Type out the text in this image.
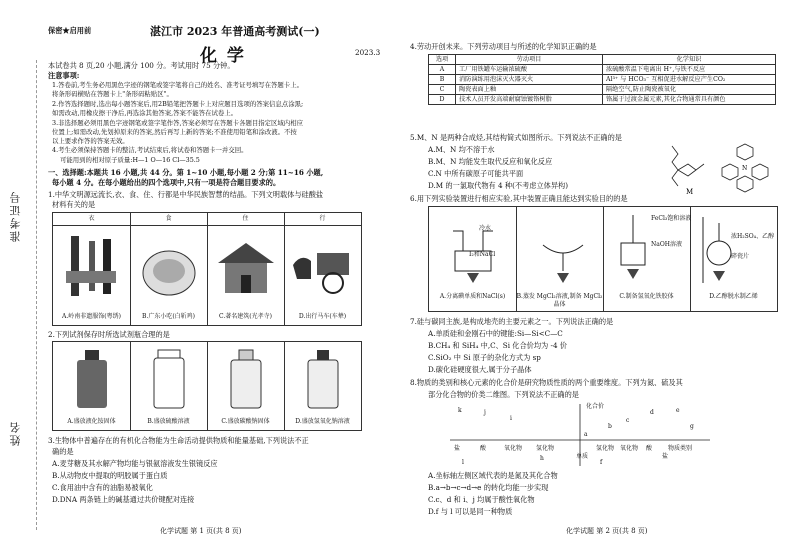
准考证号
姓名
保密★启用前	湛江市 2023 年普通高考测试(一)
化 学	2023.3
本试卷共 8 页,20 小题,满分 100 分。考试用时 75 分钟。
注意事项:
1.答卷前,考生务必用黑色字迹的钢笔或签字笔将自己的姓名、准考证号填写在答题卡上。
将条形码横贴在答题卡上"条形码粘贴区"。
2.作答选择题时,选出每小题答案后,用2B铅笔把答题卡上对应题目选项的答案信息点涂黑;
如需改动,用橡皮擦干净后,再选涂其他答案,答案不能答在试卷上。
3.非选择题必须用黑色字迹钢笔或签字笔作答,答案必须写在答题卡各题目指定区域内相应
位置上;如需改动,先划掉原来的答案,然后再写上新的答案;不准使用铅笔和涂改液。不按
以上要求作答的答案无效。
4.考生必须保持答题卡的整洁,考试结束后,将试卷和答题卡一并交回。
可能用到的相对原子质量:H—1 O—16 Cl—35.5
一、选择题:本题共 16 小题,共 44 分。第 1~10 小题,每小题 2 分;第 11~16 小题,
每小题 4 分。在每小题给出的四个选项中,只有一项是符合题目要求的。
1.中华文明源远流长,衣、食、住、行都是中华民族智慧的结晶。下列文明载体与硅酸盐
材料有关的是
衣	食	住	行
A.岭南非遗服饰(粤绣)	B.广东小吃(白斩鸡)	C.著名建筑(光孝寺)	D.出行马车(车辇)
2.下列试剂保存时所选试剂瓶合理的是
A.盛放液化铵固体	B.盛放硫酸溶液	C.盛放碳酸钠固体	D.盛放氢氧化钠溶液
3.生物体中普遍存在的有机化合物能为生命活动提供物质和能量基础,下列说法不正
确的是
A.麦芽糖及其水解产物均能与银氨溶液发生银镜反应
B.从动物皮中提取的明胶属于蛋白质
C.食用油中含有的油脂易被氧化
D.DNA 两条链上的碱基通过共价键配对连接
化学试题 第 1 页(共 8 页)
4.劳动开创未来。下列劳动项目与所述的化学知识正确的是
选项	劳动项目	化学知识
A	工厂用铁罐车运输浓硫酸	浓硫酸常温下电离出 H⁺,与铁不反应
B	消防演练用泡沫灭火器灭火	Al³⁺ 与 HCO₃⁻ 互相促进水解反应产生CO₂
C	陶瓷表面上釉	隔绝空气,防止陶瓷被氧化
D	技术人员开发高端耐腐蚀镀铬树脂	铬属于过渡金属元素,其化合物通常具有颜色
5.M、N 是两种合成烃,其结构简式如图所示。下列说法不正确的是
A.M、N 均不溶于水
B.M、N 均能发生取代反应和氧化反应
C.N 中所有碳原子可能共平面
D.M 的一氯取代物有 4 种(不考虑立体异构)
M
N
6.用下列实验装置进行相应实验,其中装置正确且能达到实验目的的是
冷水
I₂和NaCl
FeCl₃饱和溶液
NaOH溶液
浓H₂SO₄、乙醇
碎瓷片
A.分离碘单质和NaCl(s)	B.蒸发 MgCl₂溶液,制备 MgCl₂晶体
C.制备氢氧化铁胶体	D.乙醇脱水制乙烯
7.硅与碳同主族,是构成地壳的主要元素之一。下列说法正确的是
A.单质硅和金刚石中的键能:Si—Si<C—C
B.CH₄ 和 SiH₄ 中,C、Si 化合价均为 -4 价
C.SiO₂ 中 Si 原子的杂化方式为 sp
D.碳化硅硬度很大,属于分子晶体
8.物质的类别和核心元素的化合价是研究物质性质的两个重要维度。下列为氮、硫及其
部分化合物的价类二维图。下列说法不正确的是
化合价
物质类别
盐	酸	氧化物 氢化物
单质
氢化物 氧化物 酸
盐
k	j
i
h
a
b
c
d	e
f
g
l
A.坐标轴左侧区域代表的是氮及其化合物
B.a→b→c→d→e 的转化均能一步实现
C.c、d 和 i、j 均属于酸性氧化物
D.f 与 l 可以是同一种物质
化学试题 第 2 页(共 8 页)
